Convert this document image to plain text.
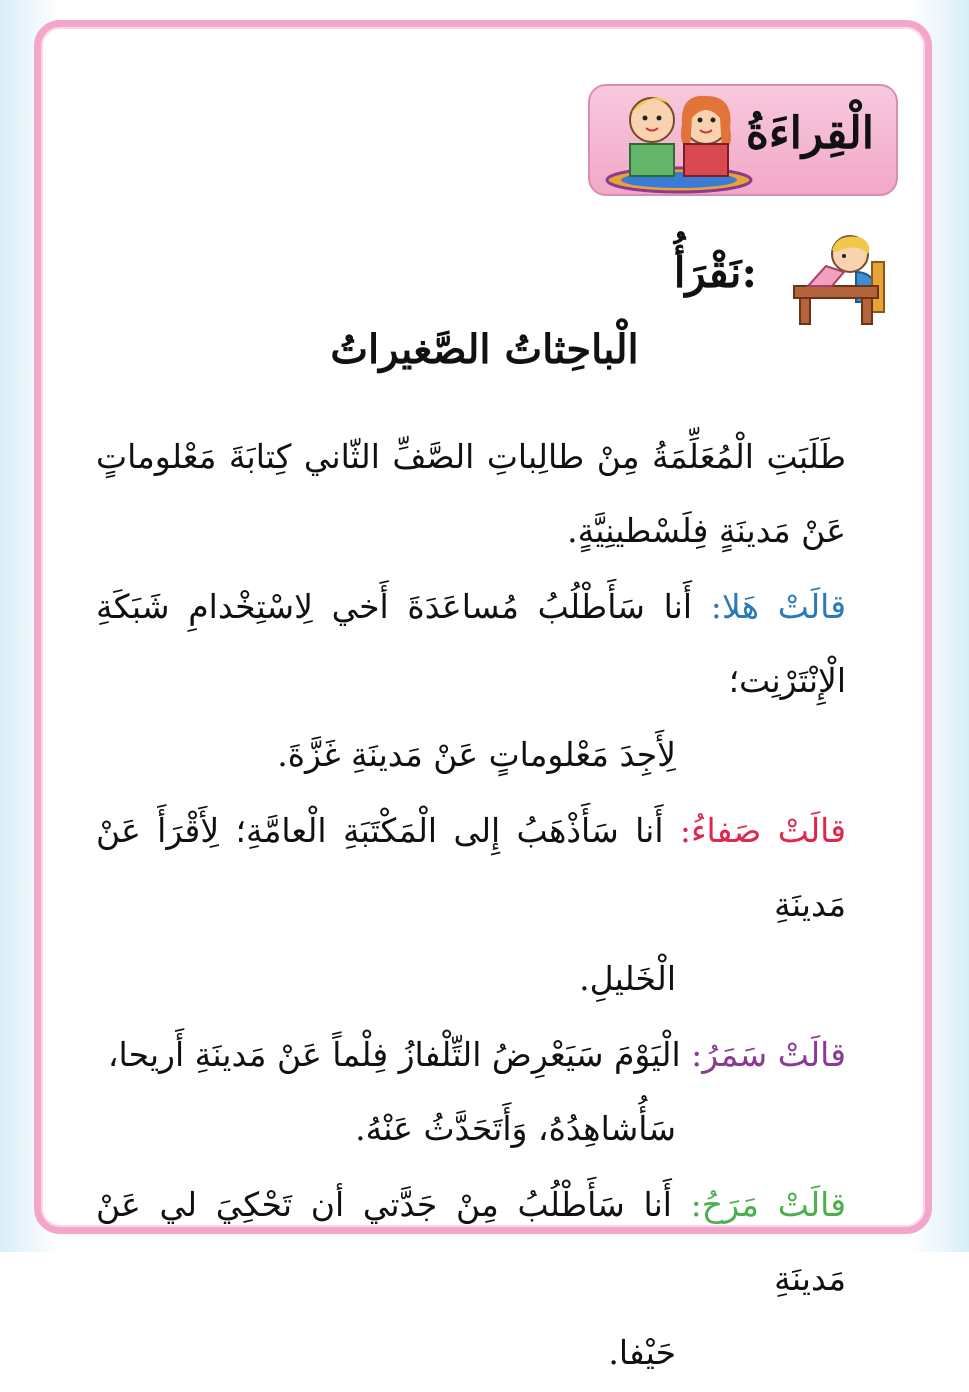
الْقِراءَةُ
نَقْرَأُ:
الْباحِثاتُ الصَّغيراتُ

طَلَبَتِ الْمُعَلِّمَةُ مِنْ طالِباتِ الصَّفِّ الثّاني كِتابَةَ مَعْلوماتٍ عَنْ مَدينَةٍ فِلَسْطينِيَّةٍ.

قالَتْ هَلا: أَنا سَأَطْلُبُ مُساعَدَةَ أَخي لِاسْتِخْدامِ شَبَكَةِ الْإِنْتَرْنِت؛
لِأَجِدَ مَعْلوماتٍ عَنْ مَدينَةِ غَزَّةَ.

قالَتْ صَفاءُ: أَنا سَأَذْهَبُ إِلى الْمَكْتَبَةِ الْعامَّةِ؛ لِأَقْرَأَ عَنْ مَدينَةِ
الْخَليلِ.

قالَتْ سَمَرُ: الْيَوْمَ سَيَعْرِضُ التِّلْفازُ فِلْماً عَنْ مَدينَةِ أَريحا،
سَأُشاهِدُهُ، وَأَتَحَدَّثُ عَنْهُ.

قالَتْ مَرَحُ: أَنا سَأَطْلُبُ مِنْ جَدَّتي أن تَحْكِيَ لي عَنْ مَدينَةِ
حَيْفا.
